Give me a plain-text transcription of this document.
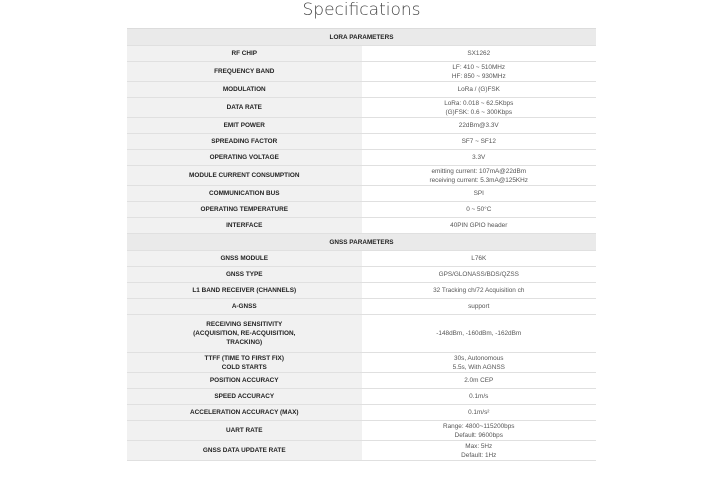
Specifications
LORA PARAMETERS	

RF CHIP	SX1262

FREQUENCY BAND	LF: 410 ~ 510MHz
HF: 850 ~ 930MHz

MODULATION	LoRa / (G)FSK

DATA RATE	LoRa: 0.018 ~ 62.5Kbps
(G)FSK: 0.6 ~ 300Kbps

EMIT POWER	22dBm@3.3V

SPREADING FACTOR	SF7 ~ SF12

OPERATING VOLTAGE	3.3V

MODULE CURRENT CONSUMPTION	emitting current: 107mA@22dBm
receiving current: 5.3mA@125KHz

COMMUNICATION BUS	SPI

OPERATING TEMPERATURE	0 ~ 50°C

INTERFACE	40PIN GPIO header

GNSS PARAMETERS	

GNSS MODULE	L76K

GNSS TYPE	GPS/GLONASS/BDS/QZSS

L1 BAND RECEIVER (CHANNELS)	32 Tracking ch/72 Acquisition ch

A-GNSS	support

RECEIVING SENSITIVITY
(ACQUISITION, RE-ACQUISITION,
TRACKING)	-148dBm, -160dBm, -162dBm

TTFF (TIME TO FIRST FIX)
COLD STARTS	30s, Autonomous
5.5s, With AGNSS

POSITION ACCURACY	2.0m CEP

SPEED ACCURACY	0.1m/s

ACCELERATION ACCURACY (MAX)	0.1m/s²

UART RATE	Range: 4800~115200bps
Default: 9600bps

GNSS DATA UPDATE RATE	Max: 5Hz
Default: 1Hz
